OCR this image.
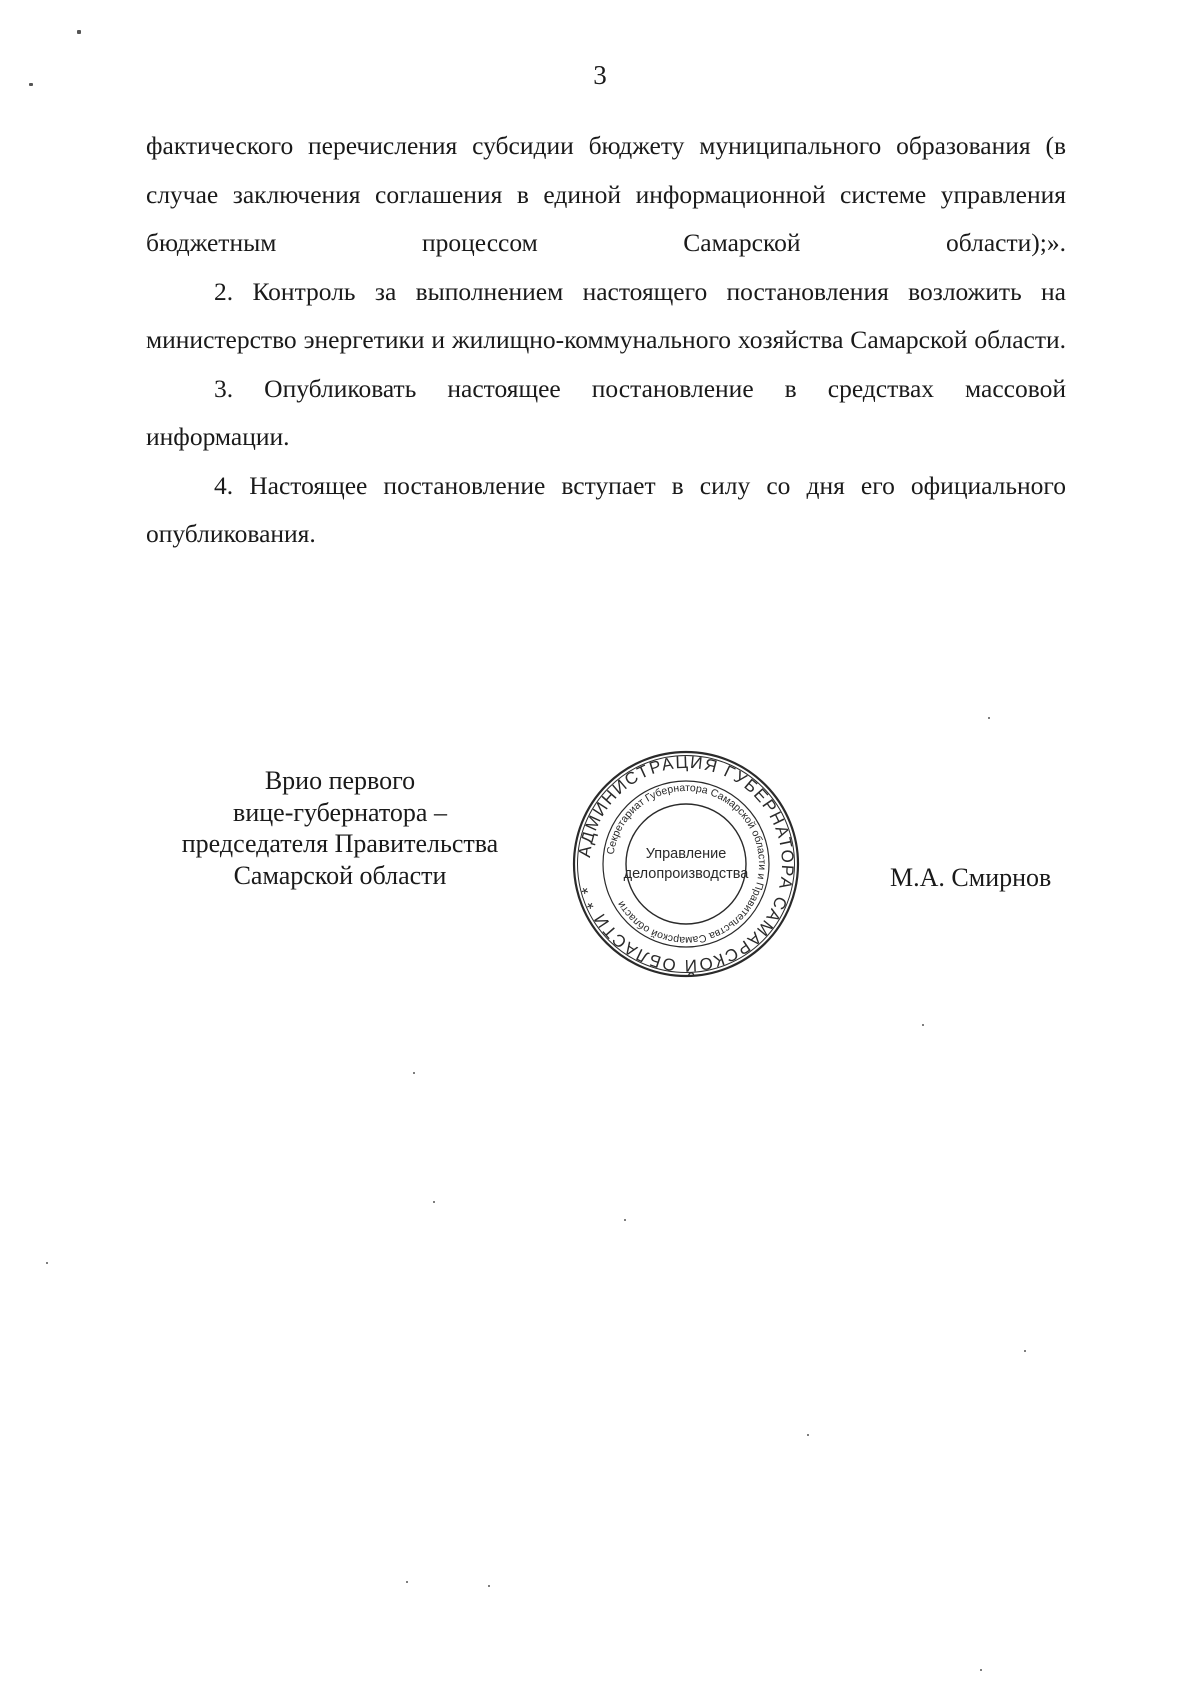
3

фактического перечисления субсидии бюджету муниципального образования (в случае заключения соглашения в единой информационной системе управления бюджетным процессом Самарской области);».

2. Контроль за выполнением настоящего постановления возложить на министерство энергетики и жилищно-коммунального хозяйства Самарской области.

3. Опубликовать настоящее постановление в средствах массовой информации.

4. Настоящее постановление вступает в силу со дня его официального опубликования.

Врио первого
вице-губернатора –
председателя Правительства
Самарской области
АДМИНИСТРАЦИЯ ГУБЕРНАТОРА САМАРСКОЙ ОБЛАСТИ * *
Секретариат Губернатора Самарской области и Правительства Самарской области
Управление
делопроизводства	М.А. Смирнов
